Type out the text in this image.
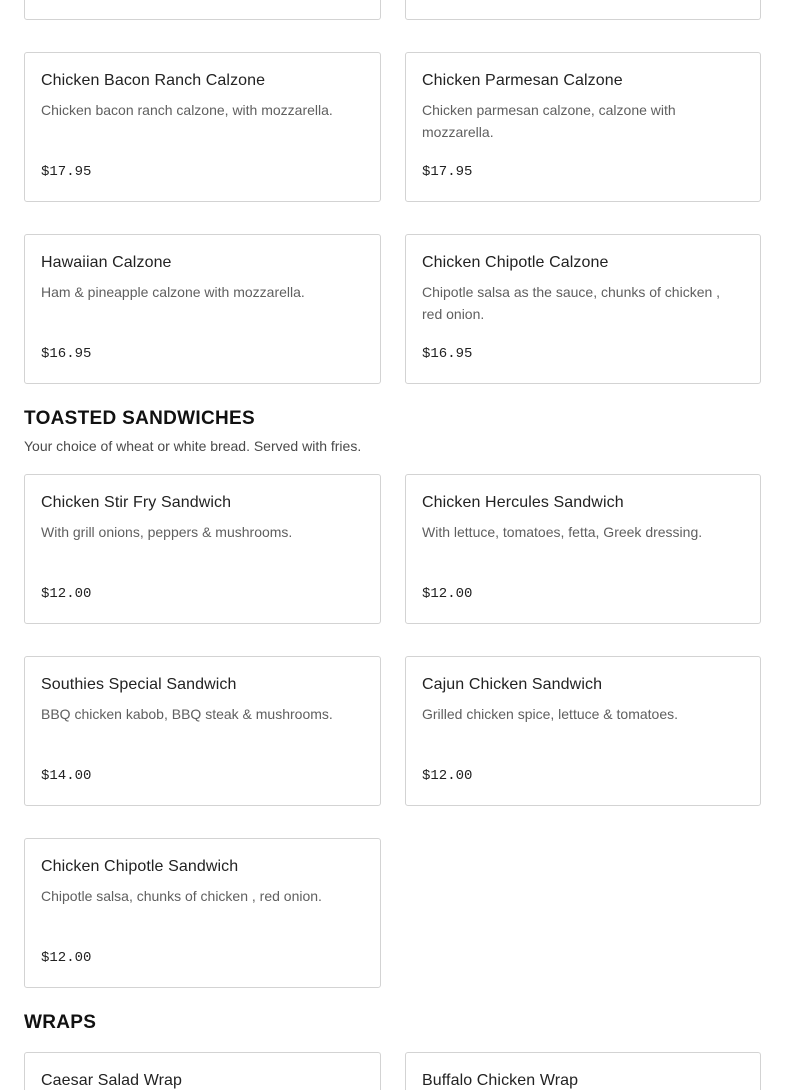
Chicken Bacon Ranch Calzone
Chicken bacon ranch calzone, with mozzarella.
$17.95
Chicken Parmesan Calzone
Chicken parmesan calzone, calzone with mozzarella.
$17.95
Hawaiian Calzone
Ham & pineapple calzone with mozzarella.
$16.95
Chicken Chipotle Calzone
Chipotle salsa as the sauce, chunks of chicken , red onion.
$16.95
TOASTED SANDWICHES
Your choice of wheat or white bread. Served with fries.
Chicken Stir Fry Sandwich
With grill onions, peppers & mushrooms.
$12.00
Chicken Hercules Sandwich
With lettuce, tomatoes, fetta, Greek dressing.
$12.00
Southies Special Sandwich
BBQ chicken kabob, BBQ steak & mushrooms.
$14.00
Cajun Chicken Sandwich
Grilled chicken spice, lettuce & tomatoes.
$12.00
Chicken Chipotle Sandwich
Chipotle salsa, chunks of chicken , red onion.
$12.00
WRAPS
Caesar Salad Wrap	Buffalo Chicken Wrap
